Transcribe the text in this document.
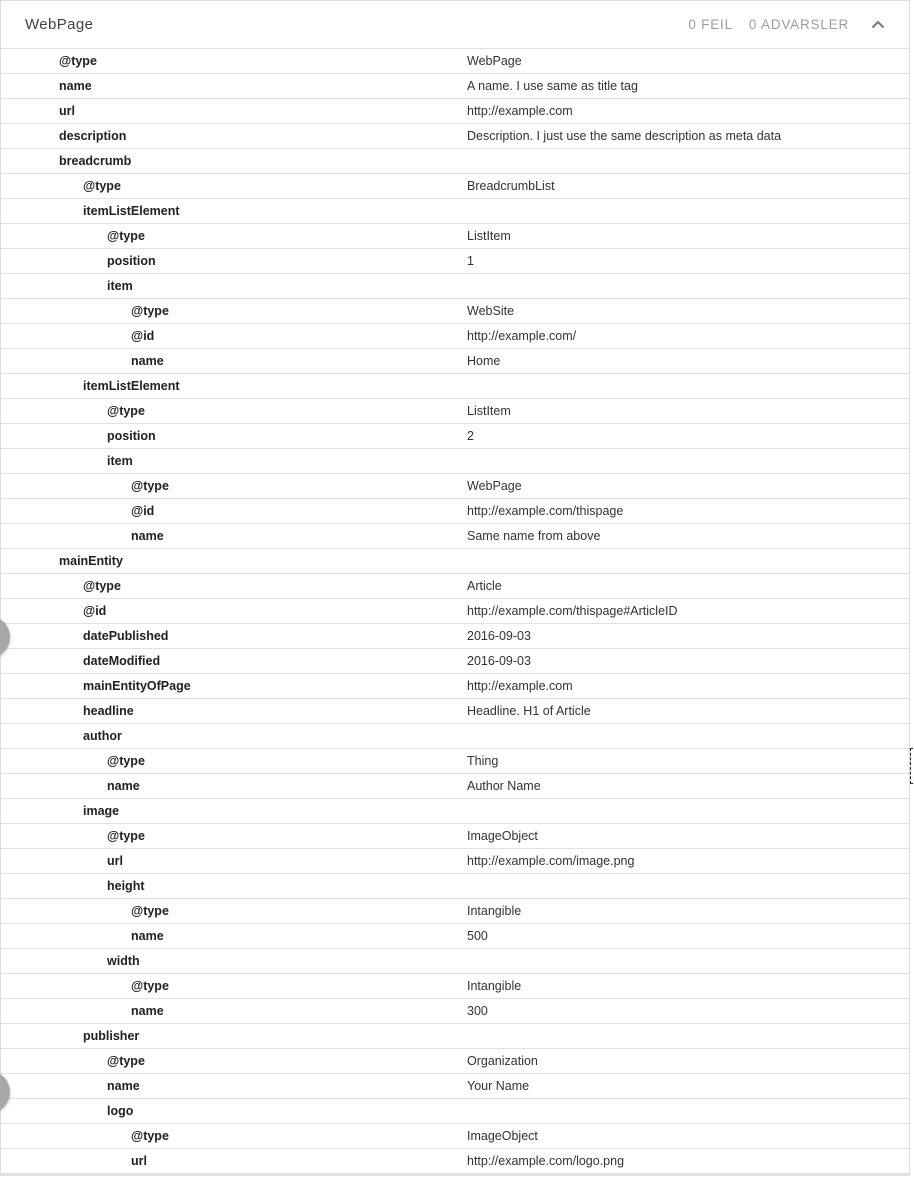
WebPage	0 FEIL 0 ADVARSLER
@type	WebPage
name	A name. I use same as title tag
url	http://example.com
description	Description. I just use the same description as meta data
breadcrumb
@type	BreadcrumbList
itemListElement
@type	ListItem
position	1
item
@type	WebSite
@id	http://example.com/
name	Home
itemListElement
@type	ListItem
position	2
item
@type	WebPage
@id	http://example.com/thispage
name	Same name from above
mainEntity
@type	Article
@id	http://example.com/thispage#ArticleID
datePublished	2016-09-03
dateModified	2016-09-03
mainEntityOfPage	http://example.com
headline	Headline. H1 of Article
author
@type	Thing
name	Author Name
image
@type	ImageObject
url	http://example.com/image.png
height
@type	Intangible
name	500
width
@type	Intangible
name	300
publisher
@type	Organization
name	Your Name
logo
@type	ImageObject
url	http://example.com/logo.png
